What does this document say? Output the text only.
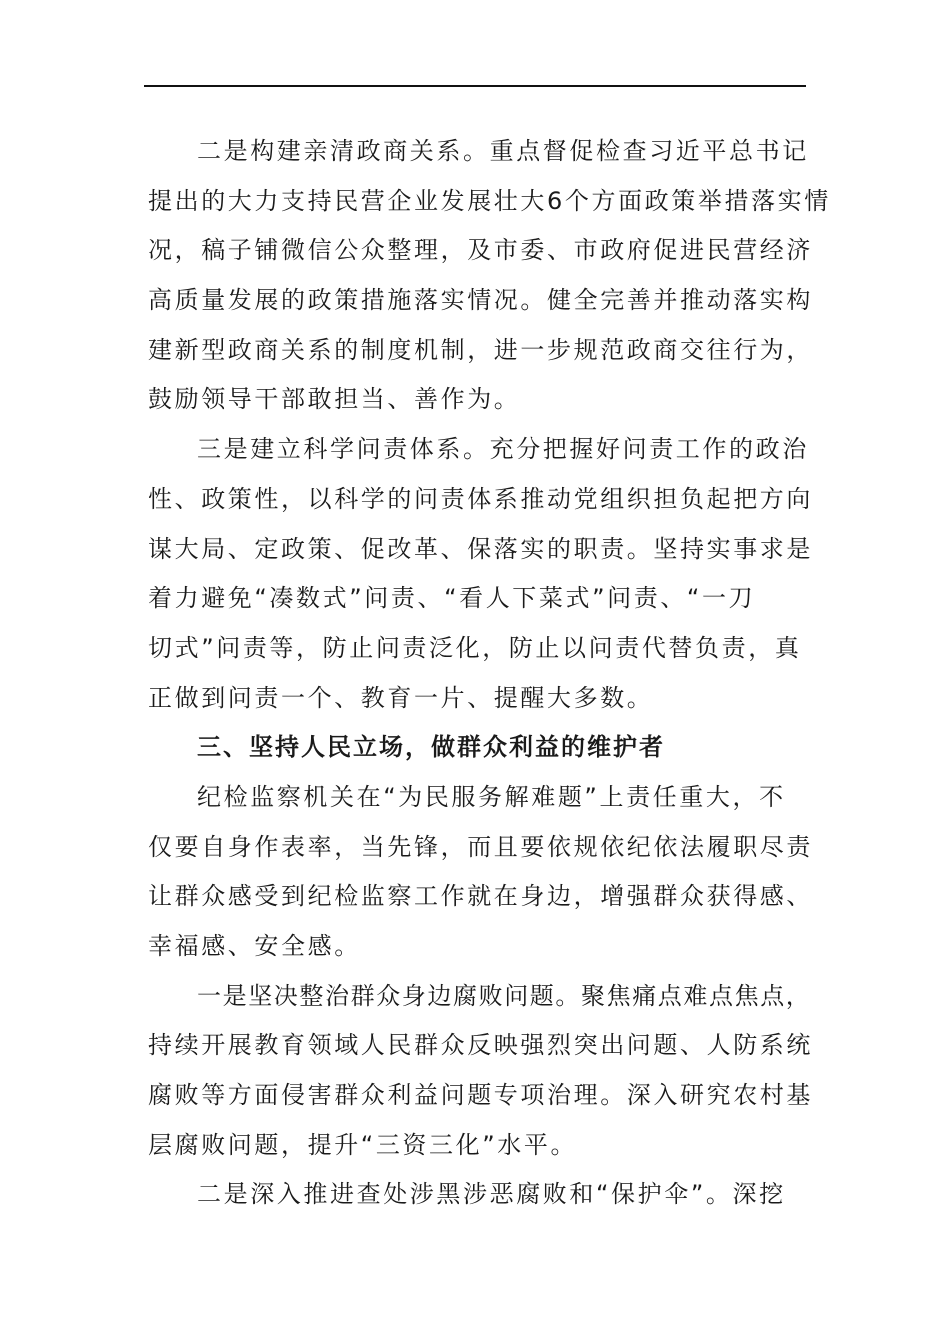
二是构建亲清政商关系。重点督促检查习近平总书记
提出的大力支持民营企业发展壮大6个方面政策举措落实情
况，稿子铺微信公众整理，及市委、市政府促进民营经济
高质量发展的政策措施落实情况。健全完善并推动落实构
建新型政商关系的制度机制，进一步规范政商交往行为，
鼓励领导干部敢担当、善作为。
三是建立科学问责体系。充分把握好问责工作的政治
性、政策性，以科学的问责体系推动党组织担负起把方向
谋大局、定政策、促改革、保落实的职责。坚持实事求是
着力避免“凑数式”问责、“看人下菜式”问责、“一刀
切式”问责等，防止问责泛化，防止以问责代替负责，真
正做到问责一个、教育一片、提醒大多数。
三、坚持人民立场，做群众利益的维护者
纪检监察机关在“为民服务解难题”上责任重大，不
仅要自身作表率，当先锋，而且要依规依纪依法履职尽责
让群众感受到纪检监察工作就在身边，增强群众获得感、
幸福感、安全感。
一是坚决整治群众身边腐败问题。聚焦痛点难点焦点，
持续开展教育领域人民群众反映强烈突出问题、人防系统
腐败等方面侵害群众利益问题专项治理。深入研究农村基
层腐败问题，提升“三资三化”水平。
二是深入推进查处涉黑涉恶腐败和“保护伞”。深挖
